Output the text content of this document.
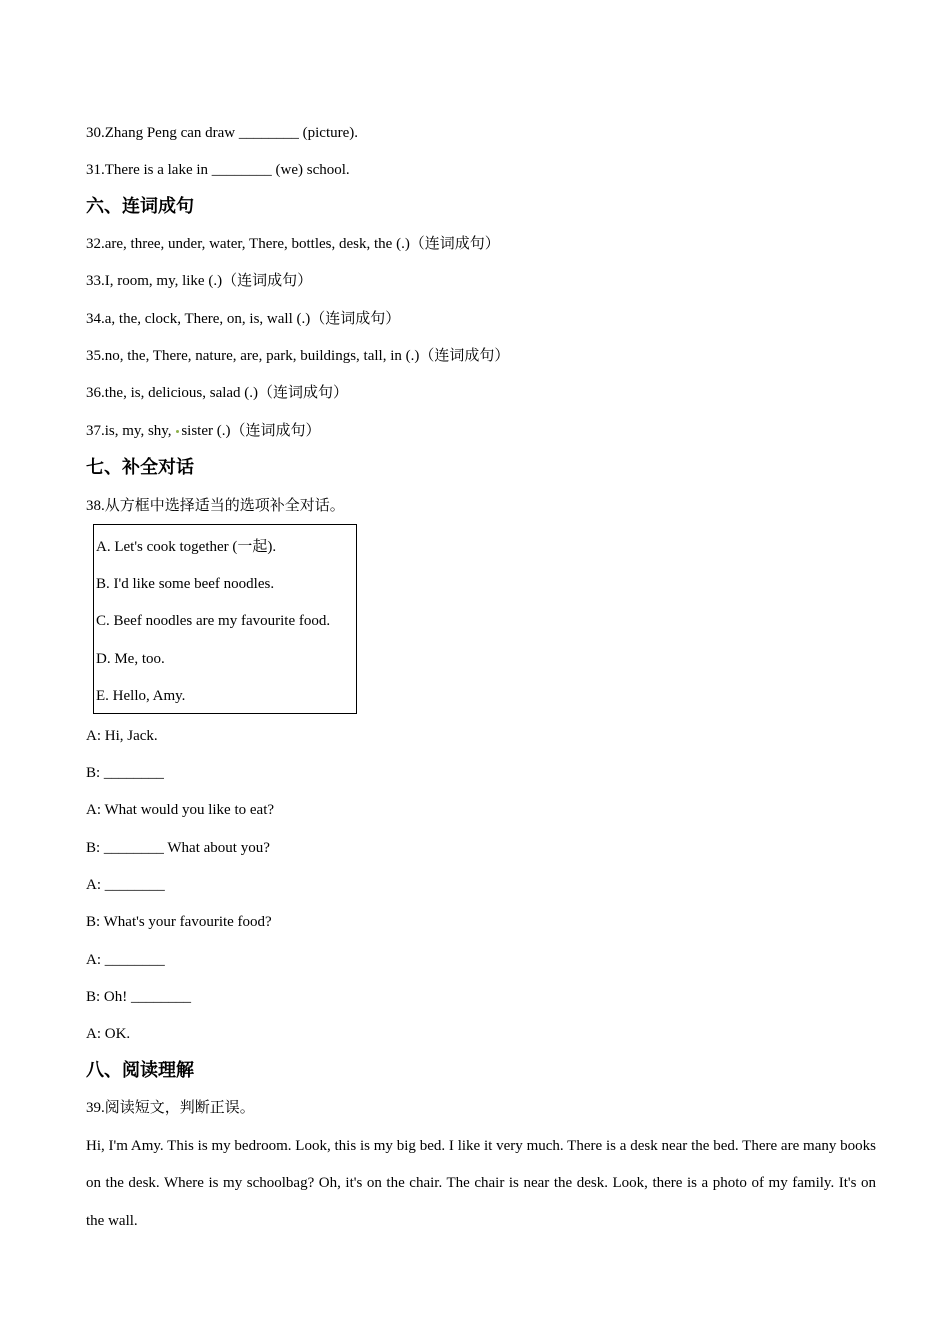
30.Zhang Peng can draw ________ (picture).
31.There is a lake in ________ (we) school.
六、连词成句
32.are, three, under, water, There, bottles, desk, the (.)（连词成句）
33.I, room, my, like (.)（连词成句）
34.a, the, clock, There, on, is, wall (.)（连词成句）
35.no, the, There, nature, are, park, buildings, tall, in (.)（连词成句）
36.the, is, delicious, salad (.)（连词成句）
37.is, my, shy, sister (.)（连词成句）
七、补全对话
38.从方框中选择适当的选项补全对话。
A. Let's cook together (一起).
B. I'd like some beef noodles.
C. Beef noodles are my favourite food.
D. Me, too.
E. Hello, Amy.
A: Hi, Jack.
B: ________
A: What would you like to eat?
B: ________ What about you?
A: ________
B: What's your favourite food?
A: ________
B: Oh! ________
A: OK.
八、阅读理解
39.阅读短文，判断正误。
Hi, I'm Amy. This is my bedroom. Look, this is my big bed. I like it very much. There is a desk near the bed. There are many books on the desk. Where is my schoolbag? Oh, it's on the chair. The chair is near the desk. Look, there is a photo of my family. It's on the wall.
